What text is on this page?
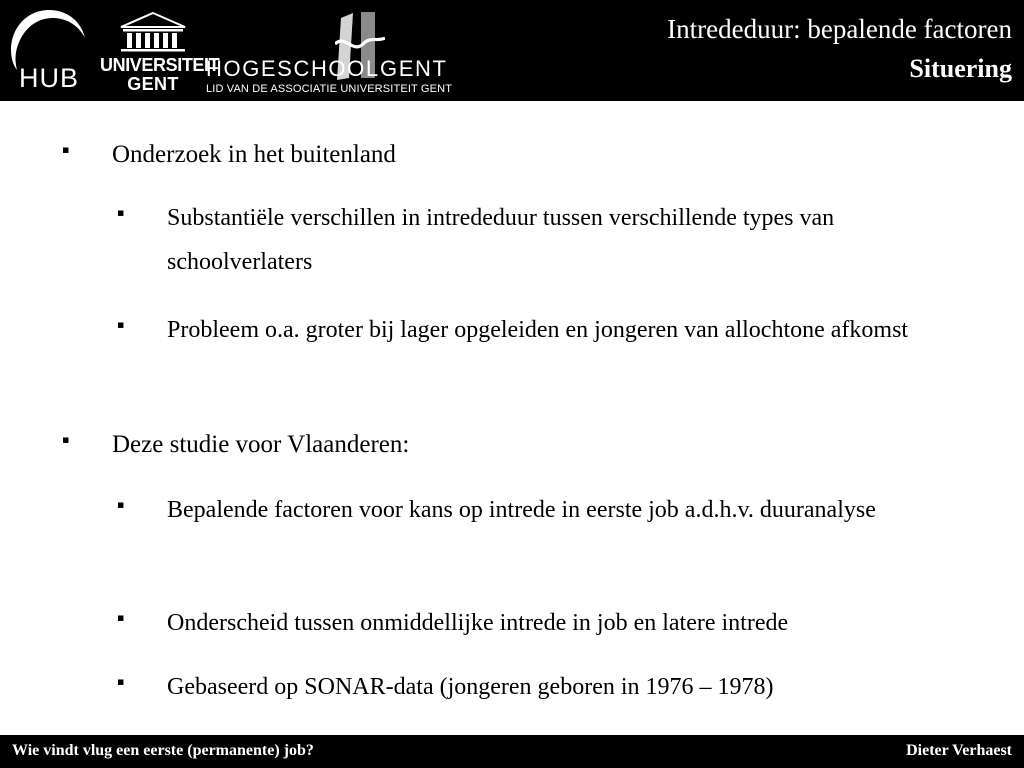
HUB	UNIVERSITEIT
GENT
HOGESCHOOL GENT
LID VAN DE ASSOCIATIE UNIVERSITEIT GENT
Intrededuur: bepalende factoren
Situering
▪	Onderzoek in het buitenland
▪	Substantiële verschillen in intrededuur tussen verschillende types van schoolverlaters
▪	Probleem o.a. groter bij lager opgeleiden en jongeren van allochtone afkomst
▪	Deze studie voor Vlaanderen:
▪	Bepalende factoren voor kans op intrede in eerste job a.d.h.v. duuranalyse
▪	Onderscheid tussen onmiddellijke intrede in job en latere intrede
▪	Gebaseerd op SONAR-data (jongeren geboren in 1976 – 1978)
Wie vindt vlug een eerste (permanente) job?	Dieter Verhaest
